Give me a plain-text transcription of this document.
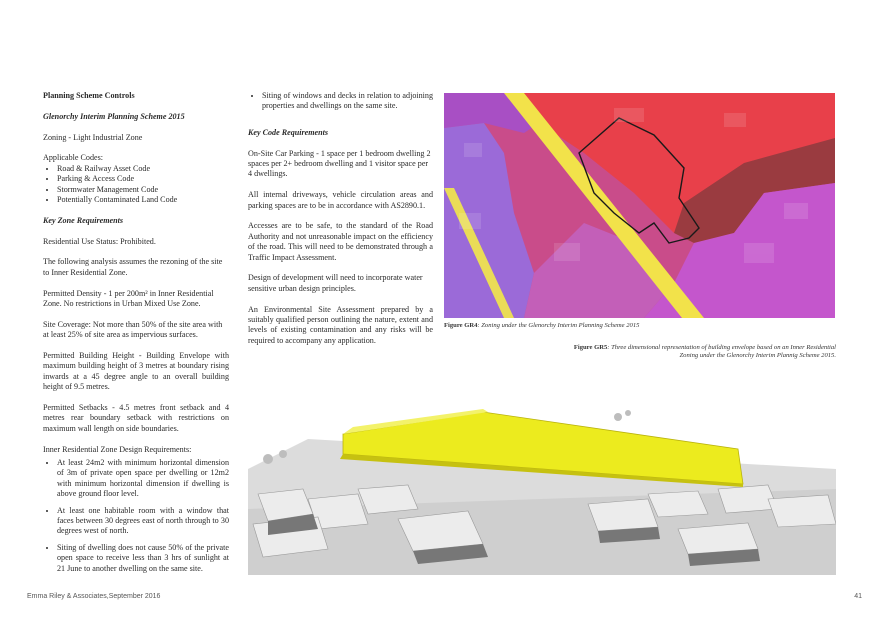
Planning Scheme Controls

Glenorchy Interim Planning Scheme 2015

Zoning - Light Industrial Zone

Applicable Codes:
• Road & Railway Asset Code
• Parking & Access Code
• Stormwater Management Code
• Potentially Contaminated Land Code

Key Zone Requirements

Residential Use Status: Prohibited.

The following analysis assumes the rezoning of the site to Inner Residential Zone.

Permitted Density - 1 per 200m² in Inner Residential Zone. No restrictions in Urban Mixed Use Zone.

Site Coverage: Not more than 50% of the site area with at least 25% of site area as impervious surfaces.

Permitted Building Height - Building Envelope with maximum building height of 3 metres at boundary rising inwards at a 45 degree angle to an overall building height of 9.5 metres.

Permitted Setbacks - 4.5 metres front setback and 4 metres rear boundary setback with restrictions on maximum wall length on side boundaries.

Inner Residential Zone Design Requirements:
• At least 24m2 with minimum horizontal dimension of 3m of private open space per dwelling or 12m2 with minimum horizontal dimension if dwelling is above ground floor level.
• At least one habitable room with a window that faces between 30 degrees east of north through to 30 degrees west of north.
• Siting of dwelling does not cause 50% of the private open space to receive less than 3 hrs of sunlight at 21 June to another dwelling on the same site.
• Siting of windows and decks in relation to adjoining properties and dwellings on the same site.

Key Code Requirements

On-Site Car Parking - 1 space per 1 bedroom dwelling 2 spaces per 2+ bedroom dwelling and 1 visitor space per 4 dwellings.

All internal driveways, vehicle circulation areas and parking spaces are to be in accordance with AS2890.1.

Accesses are to be safe, to the standard of the Road Authority and not unreasonable impact on the efficiency of the road. This will need to be demonstrated through a Traffic Impact Assessment.

Design of development will need to incorporate water sensitive urban design principles.

An Environmental Site Assessment prepared by a suitably qualified person outlining the nature, extent and levels of existing contamination and any risks will be required to accompany any application.

Figure GR4: Zoning under the Glenorchy Interim Planning Scheme 2015
Figure GR5: Three dimensional representation of building envelope based on an Inner Residential Zoning under the Glenorchy Interim Plannig Scheme 2015.
Emma Riley & Associates,September 2016	41
